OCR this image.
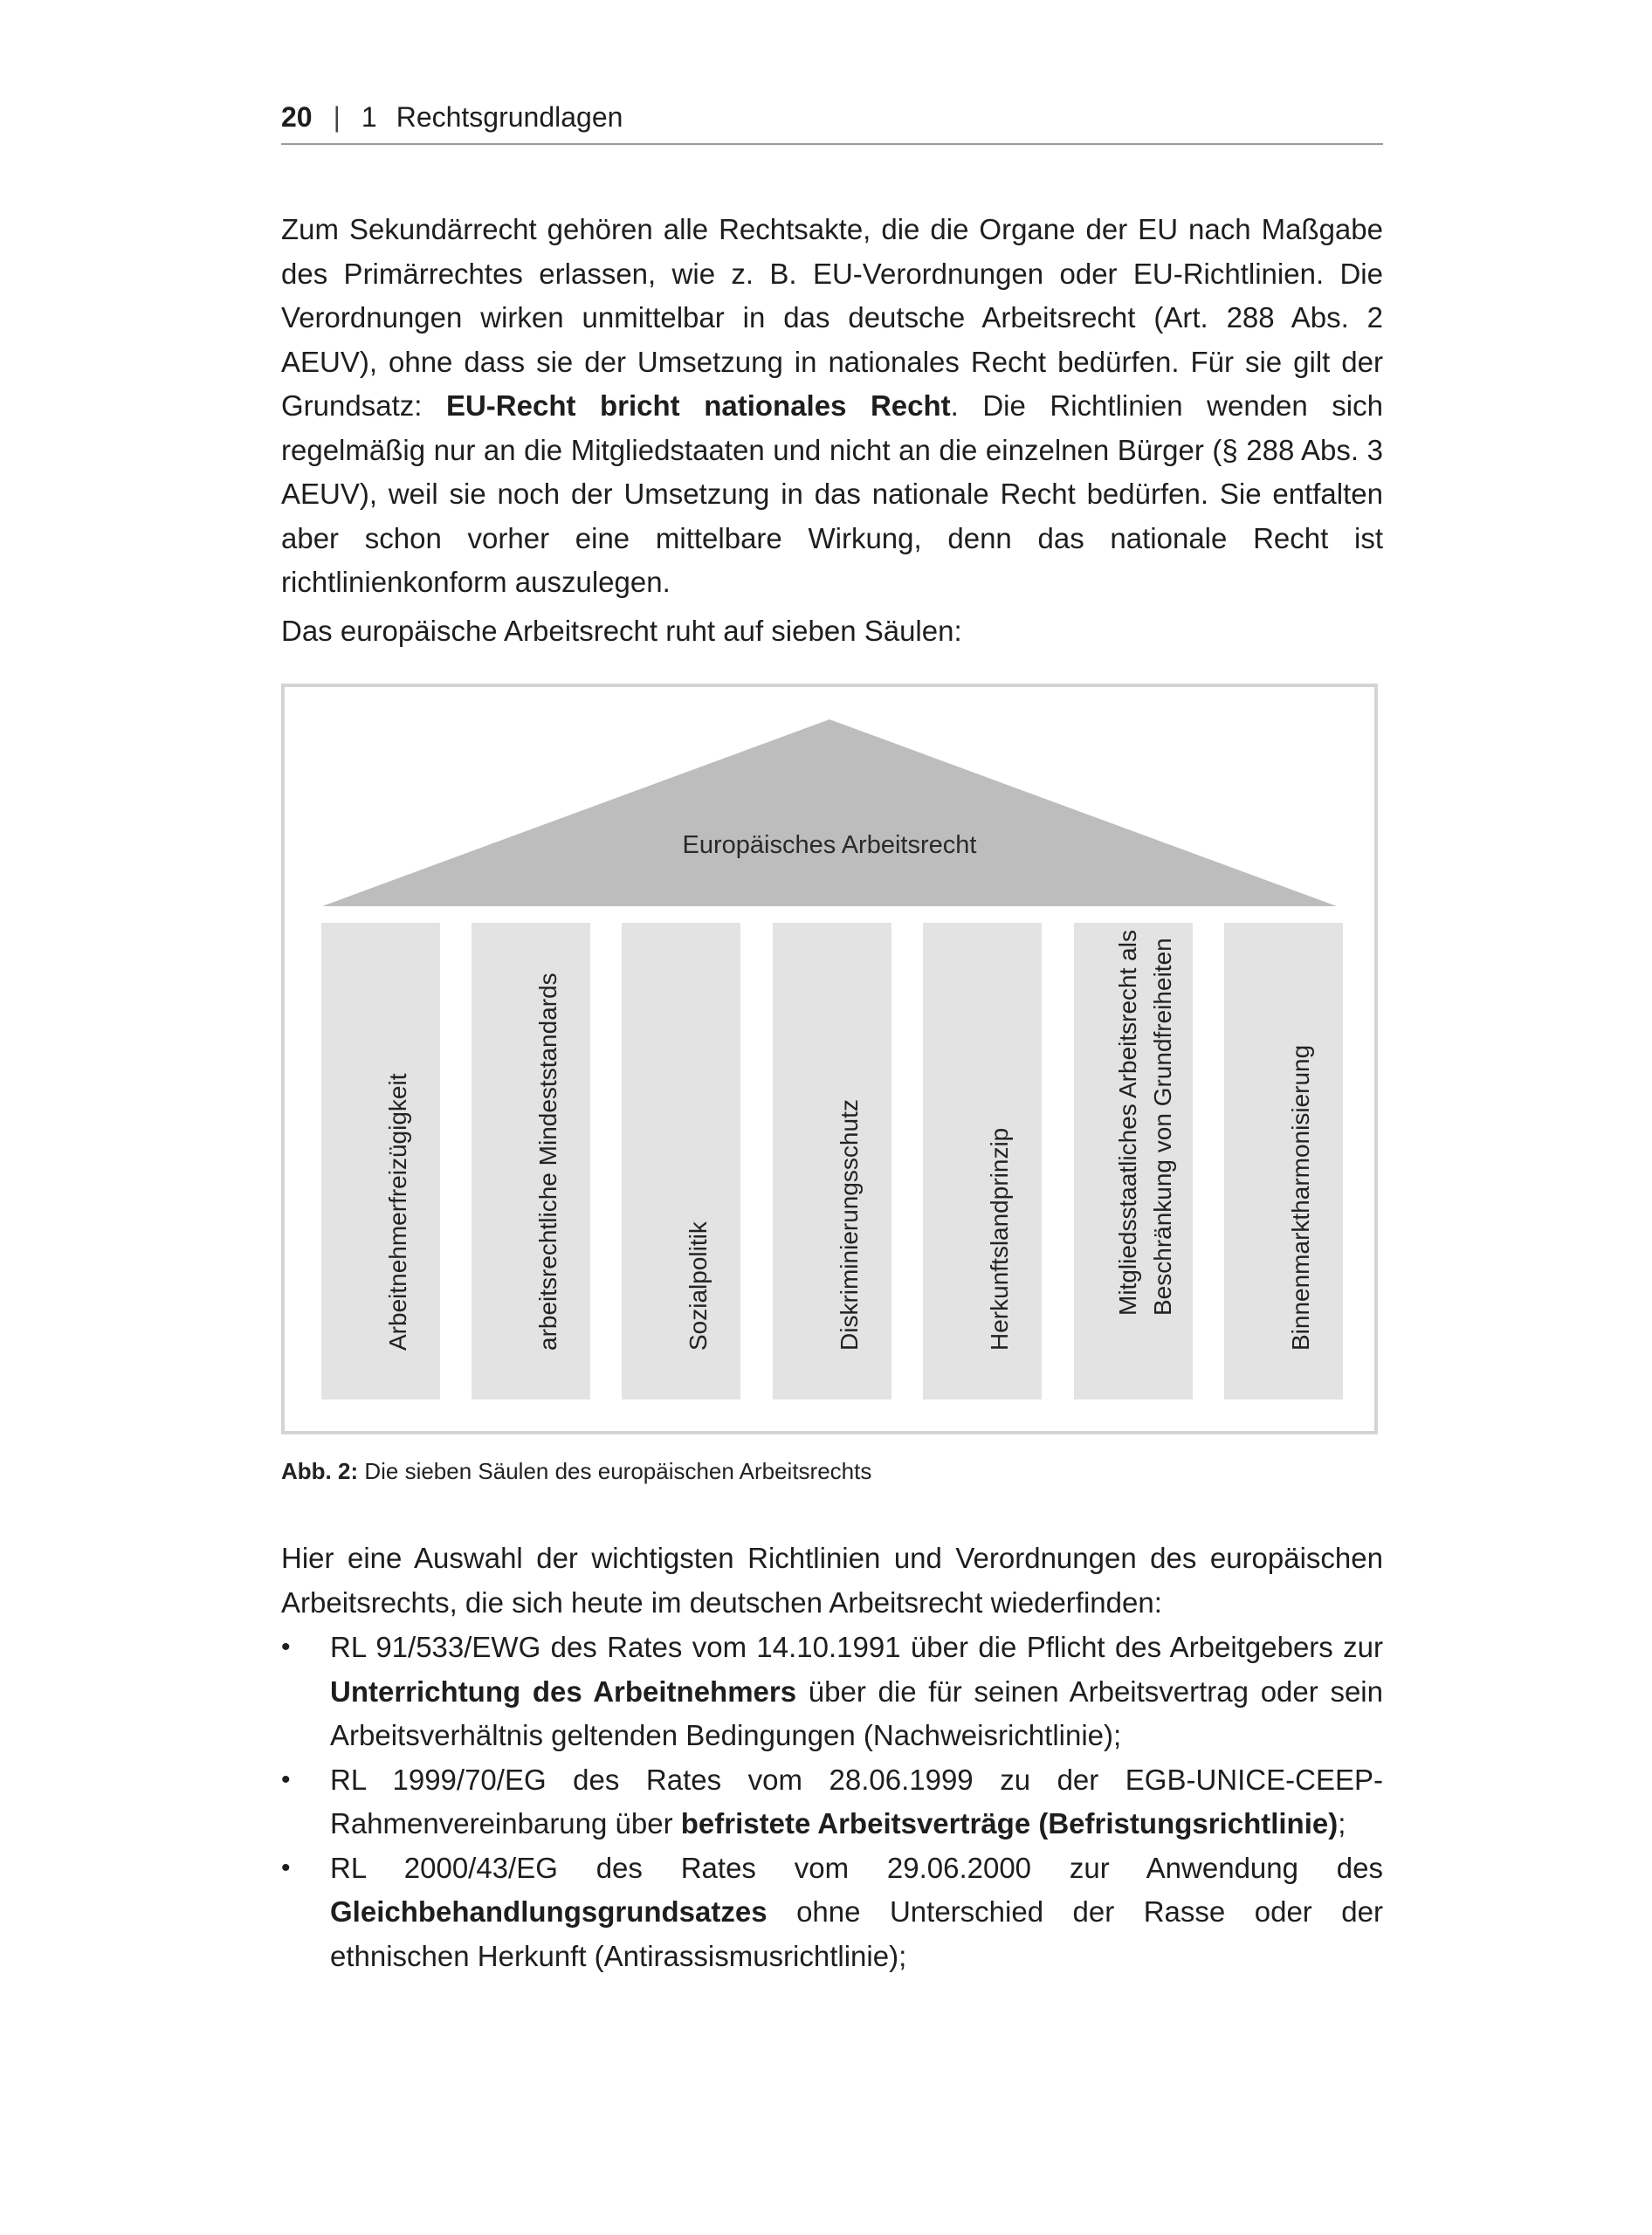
20 | 1 Rechtsgrundlagen

Zum Sekundärrecht gehören alle Rechtsakte, die die Organe der EU nach Maßgabe des Primärrechtes erlassen, wie z. B. EU-Verordnungen oder EU-Richtlinien. Die Verordnungen wirken unmittelbar in das deutsche Arbeitsrecht (Art. 288 Abs. 2 AEUV), ohne dass sie der Umsetzung in nationales Recht bedürfen. Für sie gilt der Grundsatz: EU-Recht bricht nationales Recht. Die Richtlinien wenden sich regelmäßig nur an die Mitgliedstaaten und nicht an die einzelnen Bürger (§ 288 Abs. 3 AEUV), weil sie noch der Umsetzung in das nationale Recht bedürfen. Sie entfalten aber schon vorher eine mittelbare Wirkung, denn das nationale Recht ist richtlinienkonform auszulegen.

Das europäische Arbeitsrecht ruht auf sieben Säulen:

Europäisches Arbeitsrecht
Arbeitnehmerfreizügigkeit	arbeitsrechtliche Mindeststandards	Sozialpolitik	Diskriminierungsschutz	Herkunftslandprinzip	Mitgliedsstaatliches Arbeitsrecht als Beschränkung von Grundfreiheiten	Binnenmarktharmonisierung
Abb. 2: Die sieben Säulen des europäischen Arbeitsrechts

Hier eine Auswahl der wichtigsten Richtlinien und Verordnungen des europäischen Arbeitsrechts, die sich heute im deutschen Arbeitsrecht wiederfinden:

• RL 91/533/EWG des Rates vom 14.10.1991 über die Pflicht des Arbeitgebers zur Unterrichtung des Arbeitnehmers über die für seinen Arbeitsvertrag oder sein Arbeitsverhältnis geltenden Bedingungen (Nachweisrichtlinie);
• RL 1999/70/EG des Rates vom 28.06.1999 zu der EGB-UNICE-CEEP-Rahmenvereinbarung über befristete Arbeitsverträge (Befristungsrichtlinie);
• RL 2000/43/EG des Rates vom 29.06.2000 zur Anwendung des Gleichbehandlungsgrundsatzes ohne Unterschied der Rasse oder der ethnischen Herkunft (Antirassismusrichtlinie);
